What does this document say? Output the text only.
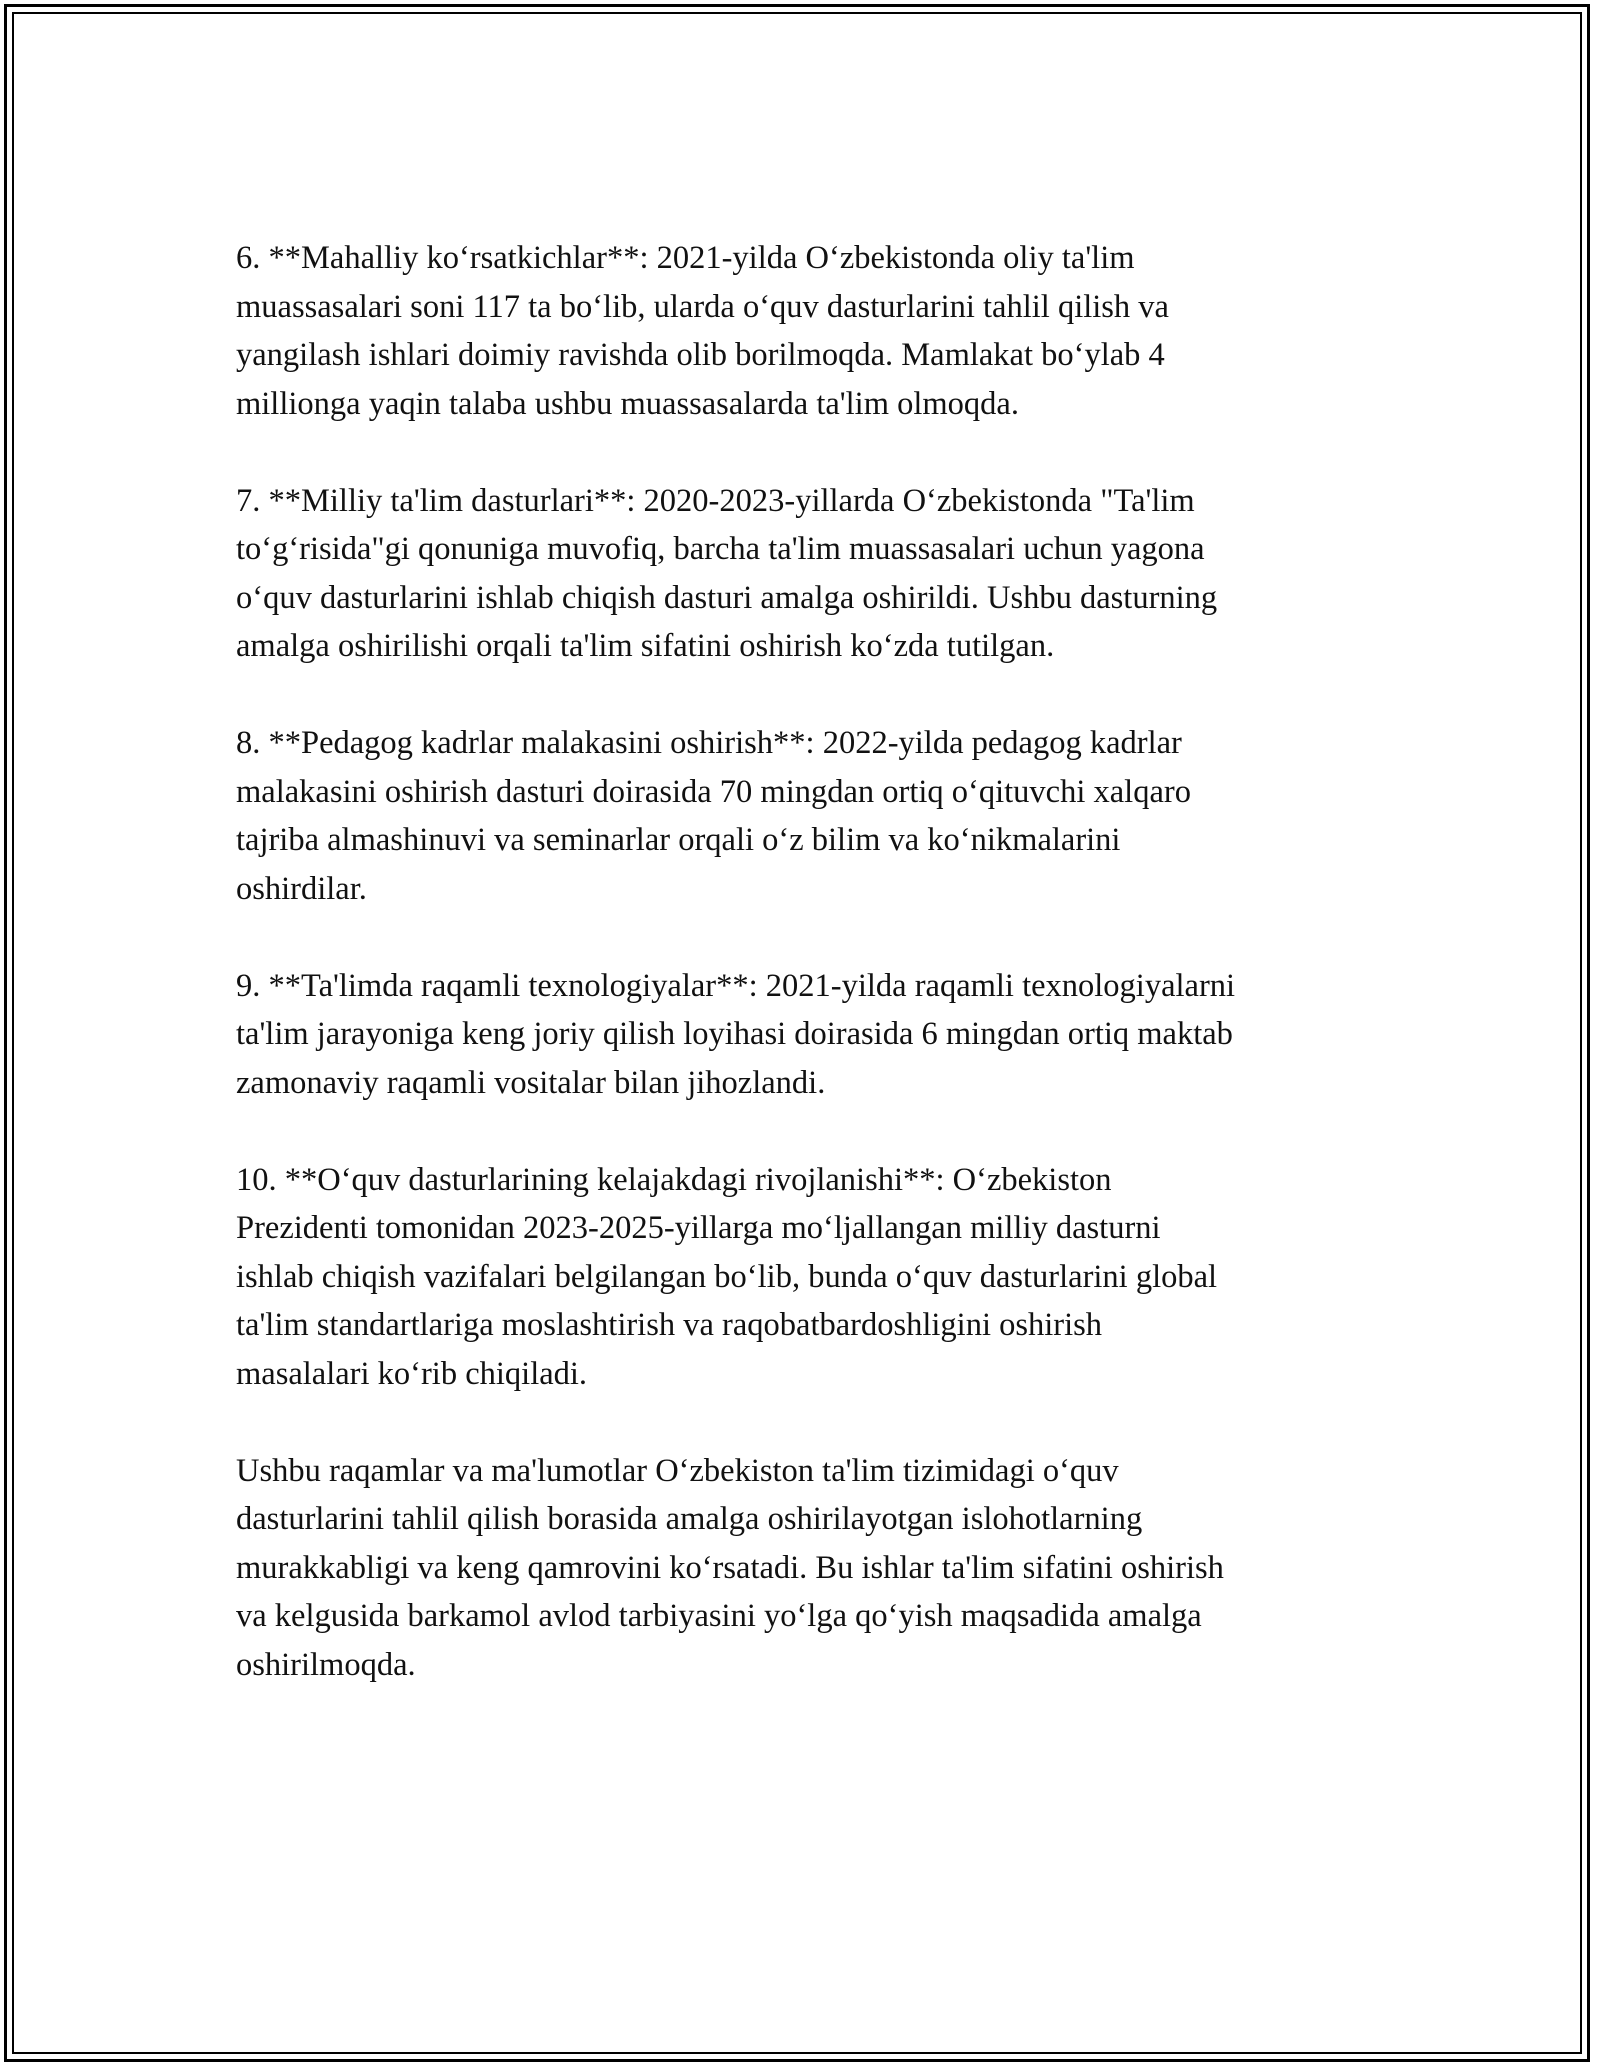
6. **Mahalliy ko‘rsatkichlar**: 2021-yilda O‘zbekistonda oliy ta'lim
muassasalari soni 117 ta bo‘lib, ularda o‘quv dasturlarini tahlil qilish va
yangilash ishlari doimiy ravishda olib borilmoqda. Mamlakat bo‘ylab 4
millionga yaqin talaba ushbu muassasalarda ta'lim olmoqda.

7. **Milliy ta'lim dasturlari**: 2020-2023-yillarda O‘zbekistonda "Ta'lim
to‘g‘risida"gi qonuniga muvofiq, barcha ta'lim muassasalari uchun yagona
o‘quv dasturlarini ishlab chiqish dasturi amalga oshirildi. Ushbu dasturning
amalga oshirilishi orqali ta'lim sifatini oshirish ko‘zda tutilgan.

8. **Pedagog kadrlar malakasini oshirish**: 2022-yilda pedagog kadrlar
malakasini oshirish dasturi doirasida 70 mingdan ortiq o‘qituvchi xalqaro
tajriba almashinuvi va seminarlar orqali o‘z bilim va ko‘nikmalarini
oshirdilar.

9. **Ta'limda raqamli texnologiyalar**: 2021-yilda raqamli texnologiyalarni
ta'lim jarayoniga keng joriy qilish loyihasi doirasida 6 mingdan ortiq maktab
zamonaviy raqamli vositalar bilan jihozlandi.

10. **O‘quv dasturlarining kelajakdagi rivojlanishi**: O‘zbekiston
Prezidenti tomonidan 2023-2025-yillarga mo‘ljallangan milliy dasturni
ishlab chiqish vazifalari belgilangan bo‘lib, bunda o‘quv dasturlarini global
ta'lim standartlariga moslashtirish va raqobatbardoshligini oshirish
masalalari ko‘rib chiqiladi.

Ushbu raqamlar va ma'lumotlar O‘zbekiston ta'lim tizimidagi o‘quv
dasturlarini tahlil qilish borasida amalga oshirilayotgan islohotlarning
murakkabligi va keng qamrovini ko‘rsatadi. Bu ishlar ta'lim sifatini oshirish
va kelgusida barkamol avlod tarbiyasini yo‘lga qo‘yish maqsadida amalga
oshirilmoqda.
